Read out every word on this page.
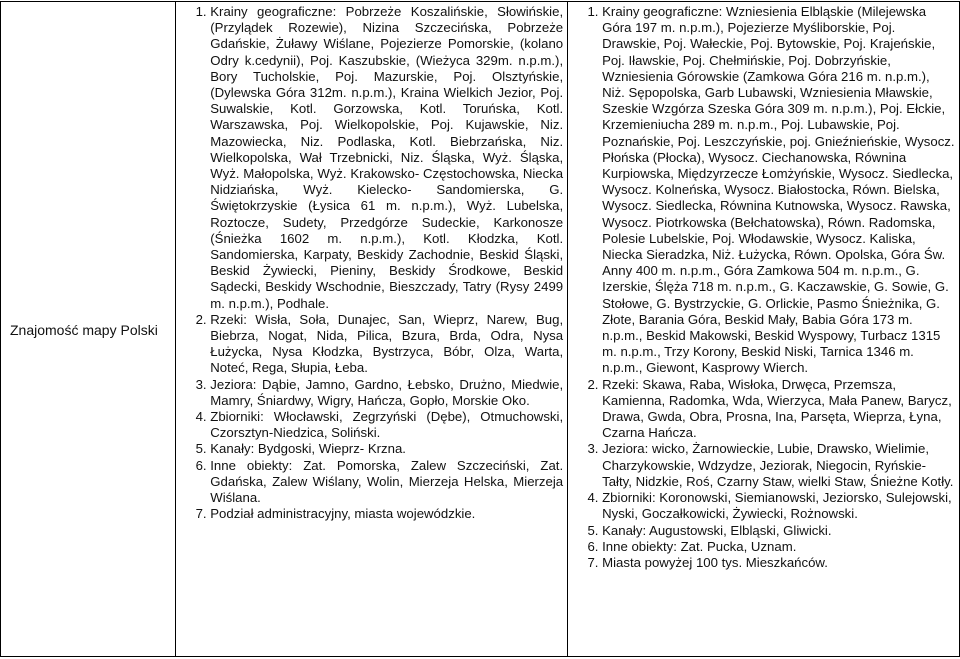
Znajomość mapy Polski	
1. Krainy geograficzne: Pobrzeże Koszalińskie, Słowińskie, (Przylądek Rozewie), Nizina Szczecińska, Pobrzeże Gdańskie, Żuławy Wiślane, Pojezierze Pomorskie, (kolano Odry k.cedynii), Poj. Kaszubskie, (Wieżyca 329m. n.p.m.), Bory Tucholskie, Poj. Mazurskie, Poj. Olsztyńskie, (Dylewska Góra 312m. n.p.m.), Kraina Wielkich Jezior, Poj. Suwalskie, Kotl. Gorzowska, Kotl. Toruńska, Kotl. Warszawska, Poj. Wielkopolskie, Poj. Kujawskie, Niz. Mazowiecka, Niz. Podlaska, Kotl. Biebrzańska, Niz. Wielkopolska, Wał Trzebnicki, Niz. Śląska, Wyż. Śląska, Wyż. Małopolska, Wyż. Krakowsko- Częstochowska, Niecka Nidziańska, Wyż. Kielecko- Sandomierska, G. Świętokrzyskie (Łysica 61 m. n.p.m.), Wyż. Lubelska, Roztocze, Sudety, Przedgórze Sudeckie, Karkonosze (Śnieżka 1602 m. n.p.m.), Kotl. Kłodzka, Kotl. Sandomierska, Karpaty, Beskidy Zachodnie, Beskid Śląski, Beskid Żywiecki, Pieniny, Beskidy Środkowe, Beskid Sądecki, Beskidy Wschodnie, Bieszczady, Tatry (Rysy 2499 m. n.p.m.), Podhale.
2. Rzeki: Wisła, Soła, Dunajec, San, Wieprz, Narew, Bug, Biebrza, Nogat, Nida, Pilica, Bzura, Brda, Odra, Nysa Łużycka, Nysa Kłodzka, Bystrzyca, Bóbr, Olza, Warta, Noteć, Rega, Słupia, Łeba.
3. Jeziora: Dąbie, Jamno, Gardno, Łebsko, Drużno, Miedwie, Mamry, Śniardwy, Wigry, Hańcza, Gopło, Morskie Oko.
4. Zbiorniki: Włocławski, Zegrzyński (Dębe), Otmuchowski, Czorsztyn-Niedzica, Soliński.
5. Kanały: Bydgoski, Wieprz- Krzna.
6. Inne obiekty: Zat. Pomorska, Zalew Szczeciński, Zat. Gdańska, Zalew Wiślany, Wolin, Mierzeja Helska, Mierzeja Wiślana.
7. Podział administracyjny, miasta wojewódzkie.

1. Krainy geograficzne: Wzniesienia Elbląskie (Milejewska Góra 197 m. n.p.m.), Pojezierze Myśliborskie, Poj. Drawskie, Poj. Wałeckie, Poj. Bytowskie, Poj. Krajeńskie, Poj. Iławskie, Poj. Chełmińskie, Poj. Dobrzyńskie, Wzniesienia Górowskie (Zamkowa Góra 216 m. n.p.m.), Niż. Sępopolska, Garb Lubawski, Wzniesienia Mławskie, Szeskie Wzgórza Szeska Góra 309 m. n.p.m.), Poj. Ełckie, Krzemieniucha 289 m. n.p.m., Poj. Lubawskie, Poj. Poznańskie, Poj. Leszczyńskie, poj. Gnieźnieńskie, Wysocz. Płońska (Płocka), Wysocz. Ciechanowska, Równina Kurpiowska, Międzyrzecze Łomżyńskie, Wysocz. Siedlecka, Wysocz. Kolneńska, Wysocz. Białostocka, Równ. Bielska, Wysocz. Siedlecka, Równina Kutnowska, Wysocz. Rawska, Wysocz. Piotrkowska (Bełchatowska), Równ. Radomska, Polesie Lubelskie, Poj. Włodawskie, Wysocz. Kaliska, Niecka Sieradzka, Niż. Łużycka, Równ. Opolska, Góra Św. Anny 400 m. n.p.m., Góra Zamkowa 504 m. n.p.m., G. Izerskie, Ślęża 718 m. n.p.m., G. Kaczawskie, G. Sowie, G. Stołowe, G. Bystrzyckie, G. Orlickie, Pasmo Śnieżnika, G. Złote, Barania Góra, Beskid Mały, Babia Góra 173 m. n.p.m., Beskid Makowski, Beskid Wyspowy, Turbacz 1315 m. n.p.m., Trzy Korony, Beskid Niski, Tarnica 1346 m. n.p.m., Giewont, Kasprowy Wierch.
2. Rzeki: Skawa, Raba, Wisłoka, Drwęca, Przemsza, Kamienna, Radomka, Wda, Wierzyca, Mała Panew, Barycz, Drawa, Gwda, Obra, Prosna, Ina, Parsęta, Wieprza, Łyna, Czarna Hańcza.
3. Jeziora: wicko, Żarnowieckie, Lubie, Drawsko, Wielimie, Charzykowskie, Wdzydze, Jeziorak, Niegocin, Ryńskie-Tałty, Nidzkie, Roś, Czarny Staw, wielki Staw, Śnieżne Kotły.
4. Zbiorniki: Koronowski, Siemianowski, Jeziorsko, Sulejowski, Nyski, Goczałkowicki, Żywiecki, Rożnowski.
5. Kanały: Augustowski, Elbląski, Gliwicki.
6. Inne obiekty: Zat. Pucka, Uznam.
7. Miasta powyżej 100 tys. Mieszkańców.
